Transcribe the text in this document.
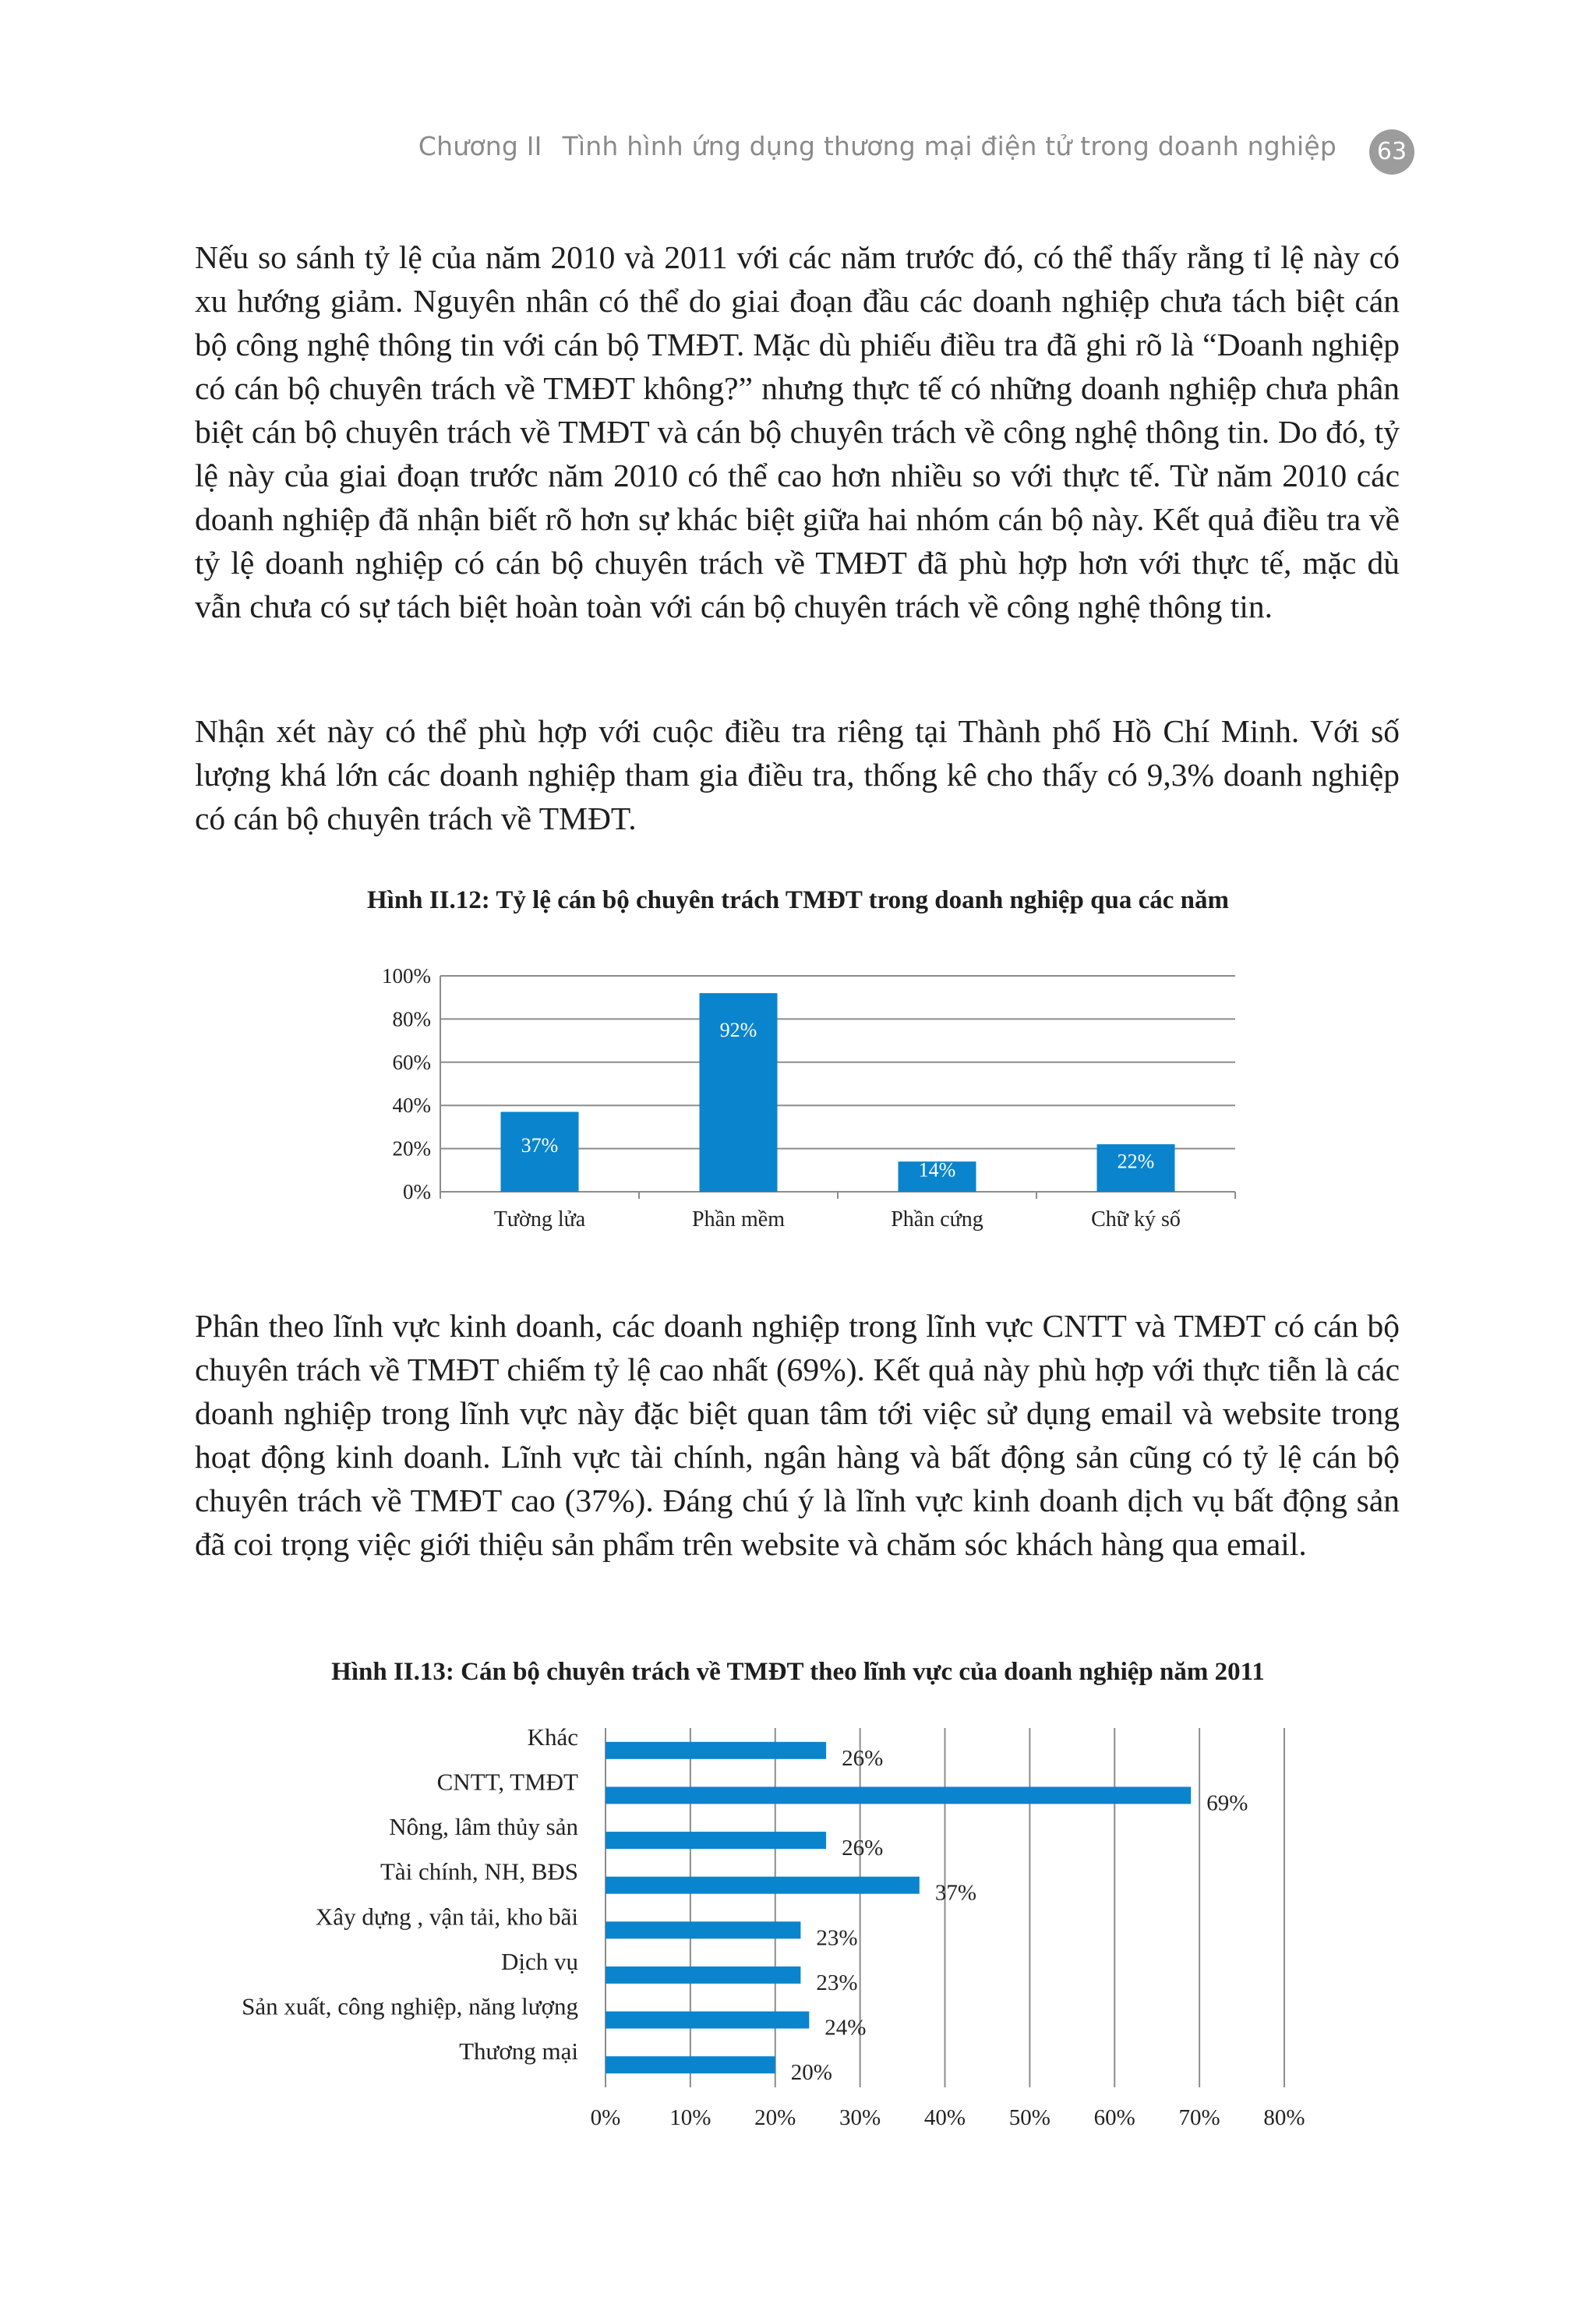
Chương II Tình hình ứng dụng thương mại điện tử trong doanh nghiệp	63

Nếu so sánh tỷ lệ của năm 2010 và 2011 với các năm trước đó, có thể thấy rằng tỉ lệ này có xu hướng giảm. Nguyên nhân có thể do giai đoạn đầu các doanh nghiệp chưa tách biệt cán bộ công nghệ thông tin với cán bộ TMĐT. Mặc dù phiếu điều tra đã ghi rõ là “Doanh nghiệp có cán bộ chuyên trách về TMĐT không?” nhưng thực tế có những doanh nghiệp chưa phân biệt cán bộ chuyên trách về TMĐT và cán bộ chuyên trách về công nghệ thông tin. Do đó, tỷ lệ này của giai đoạn trước năm 2010 có thể cao hơn nhiều so với thực tế. Từ năm 2010 các doanh nghiệp đã nhận biết rõ hơn sự khác biệt giữa hai nhóm cán bộ này. Kết quả điều tra về tỷ lệ doanh nghiệp có cán bộ chuyên trách về TMĐT đã phù hợp hơn với thực tế, mặc dù vẫn chưa có sự tách biệt hoàn toàn với cán bộ chuyên trách về công nghệ thông tin.

Nhận xét này có thể phù hợp với cuộc điều tra riêng tại Thành phố Hồ Chí Minh. Với số lượng khá lớn các doanh nghiệp tham gia điều tra, thống kê cho thấy có 9,3% doanh nghiệp có cán bộ chuyên trách về TMĐT.

Hình II.12: Tỷ lệ cán bộ chuyên trách TMĐT trong doanh nghiệp qua các năm
0%
20%
40%
60%
80%
100%
37%
Tường lửa
92%
Phần mềm
14%
Phần cứng
22%
Chữ ký số

Phân theo lĩnh vực kinh doanh, các doanh nghiệp trong lĩnh vực CNTT và TMĐT có cán bộ chuyên trách về TMĐT chiếm tỷ lệ cao nhất (69%). Kết quả này phù hợp với thực tiễn là các doanh nghiệp trong lĩnh vực này đặc biệt quan tâm tới việc sử dụng email và website trong hoạt động kinh doanh. Lĩnh vực tài chính, ngân hàng và bất động sản cũng có tỷ lệ cán bộ chuyên trách về TMĐT cao (37%). Đáng chú ý là lĩnh vực kinh doanh dịch vụ bất động sản đã coi trọng việc giới thiệu sản phẩm trên website và chăm sóc khách hàng qua email.

Hình II.13: Cán bộ chuyên trách về TMĐT theo lĩnh vực của doanh nghiệp năm 2011
0% 10% 20% 30% 40% 50% 60% 70% 80%
26%
Khác
69%
CNTT, TMĐT
26%
Nông, lâm thủy sản
37%
Tài chính, NH, BĐS
23%
Xây dựng , vận tải, kho bãi
23%
Dịch vụ
24%
Sản xuất, công nghiệp, năng lượng
20%
Thương mại
